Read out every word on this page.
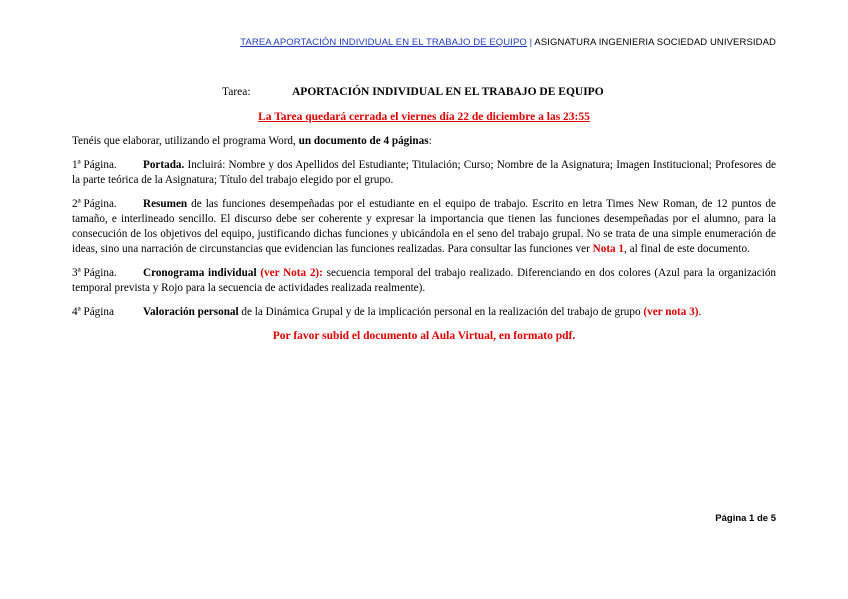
TAREA APORTACIÓN INDIVIDUAL EN EL TRABAJO DE EQUIPO | ASIGNATURA INGENIERIA SOCIEDAD UNIVERSIDAD
Tarea:	APORTACIÓN INDIVIDUAL EN EL TRABAJO DE EQUIPO
La Tarea quedará cerrada el viernes día 22 de diciembre a las 23:55
Tenéis que elaborar, utilizando el programa Word, un documento de 4 páginas:
1ª Página. Portada. Incluirá: Nombre y dos Apellidos del Estudiante; Titulación; Curso; Nombre de la Asignatura; Imagen Institucional; Profesores de la parte teórica de la Asignatura; Título del trabajo elegido por el grupo.
2ª Página. Resumen de las funciones desempeñadas por el estudiante en el equipo de trabajo. Escrito en letra Times New Roman, de 12 puntos de tamaño, e interlineado sencillo. El discurso debe ser coherente y expresar la importancia que tienen las funciones desempeñadas por el alumno, para la consecución de los objetivos del equipo, justificando dichas funciones y ubicándola en el seno del trabajo grupal. No se trata de una simple enumeración de ideas, sino una narración de circunstancias que evidencian las funciones realizadas. Para consultar las funciones ver Nota 1, al final de este documento.
3ª Página. Cronograma individual (ver Nota 2): secuencia temporal del trabajo realizado. Diferenciando en dos colores (Azul para la organización temporal prevista y Rojo para la secuencia de actividades realizada realmente).
4ª Página	Valoración personal de la Dinámica Grupal y de la implicación personal en la realización del trabajo de grupo (ver nota 3).
Por favor subid el documento al Aula Virtual, en formato pdf.
Página 1 de 5
